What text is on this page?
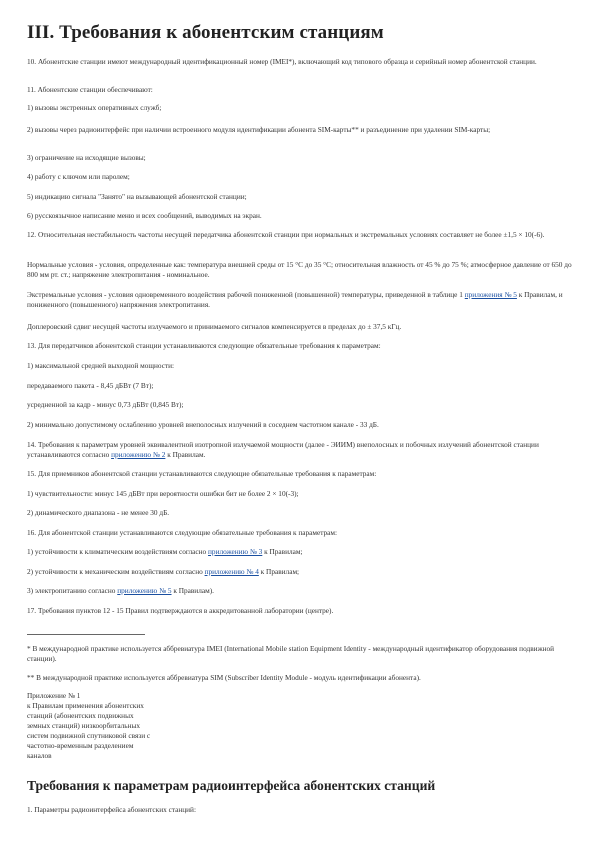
III. Требования к абонентским станциям
10. Абонентские станции имеют международный идентификационный номер (IMEI*), включающий код типового образца и серийный номер абонентской станции.
11. Абонентские станции обеспечивают:
1) вызовы экстренных оперативных служб;
2) вызовы через радиоинтерфейс при наличии встроенного модуля идентификации абонента SIM-карты** и разъединение при удалении SIM-карты;
3) ограничение на исходящие вызовы;
4) работу с ключом или паролем;
5) индикацию сигнала "Занято" на вызывающей абонентской станции;
6) русскоязычное написание меню и всех сообщений, выводимых на экран.
12. Относительная нестабильность частоты несущей передатчика абонентской станции при нормальных и экстремальных условиях составляет не более ±1,5 × 10(-6).
Нормальные условия - условия, определенные как: температура внешней среды от 15 °C до 35 °C; относительная влажность от 45 % до 75 %; атмосферное давление от 650 до 800 мм рт. ст.; напряжение электропитания - номинальное.
Экстремальные условия - условия одновременного воздействия рабочей пониженной (повышенной) температуры, приведенной в таблице 1 приложения № 5 к Правилам, и пониженного (повышенного) напряжения электропитания.
Доплеровский сдвиг несущей частоты излучаемого и принимаемого сигналов компенсируется в пределах до ± 37,5 кГц.
13. Для передатчиков абонентской станции устанавливаются следующие обязательные требования к параметрам:
1) максимальной средней выходной мощности:
передаваемого пакета - 8,45 дБВт (7 Вт);
усредненной за кадр - минус 0,73 дБВт (0,845 Вт);
2) минимально допустимому ослаблению уровней внеполосных излучений в соседнем частотном канале - 33 дБ.
14. Требования к параметрам уровней эквивалентной изотропной излучаемой мощности (далее - ЭИИМ) внеполосных и побочных излучений абонентской станции устанавливаются согласно приложению № 2 к Правилам.
15. Для приемников абонентской станции устанавливаются следующие обязательные требования к параметрам:
1) чувствительности: минус 145 дБВт при вероятности ошибки бит не более 2 × 10(-3);
2) динамического диапазона - не менее 30 дБ.
16. Для абонентской станции устанавливаются следующие обязательные требования к параметрам:
1) устойчивости к климатическим воздействиям согласно приложению № 3 к Правилам;
2) устойчивости к механическим воздействиям согласно приложению № 4 к Правилам;
3) электропитанию согласно приложению № 5 к Правилам).
17. Требования пунктов 12 - 15 Правил подтверждаются в аккредитованной лаборатории (центре).
* В международной практике используется аббревиатура IMEI (International Mobile station Equipment Identity - международный идентификатор оборудования подвижной станции).
** В международной практике используется аббревиатура SIM (Subscriber Identity Module - модуль идентификации абонента).
Приложение № 1
к Правилам применения абонентских
станций (абонентских подвижных
земных станций) низкоорбитальных
систем подвижной спутниковой связи с
частотно-временным разделением
каналов
Требования к параметрам радиоинтерфейса абонентских станций
1. Параметры радиоинтерфейса абонентских станций:
